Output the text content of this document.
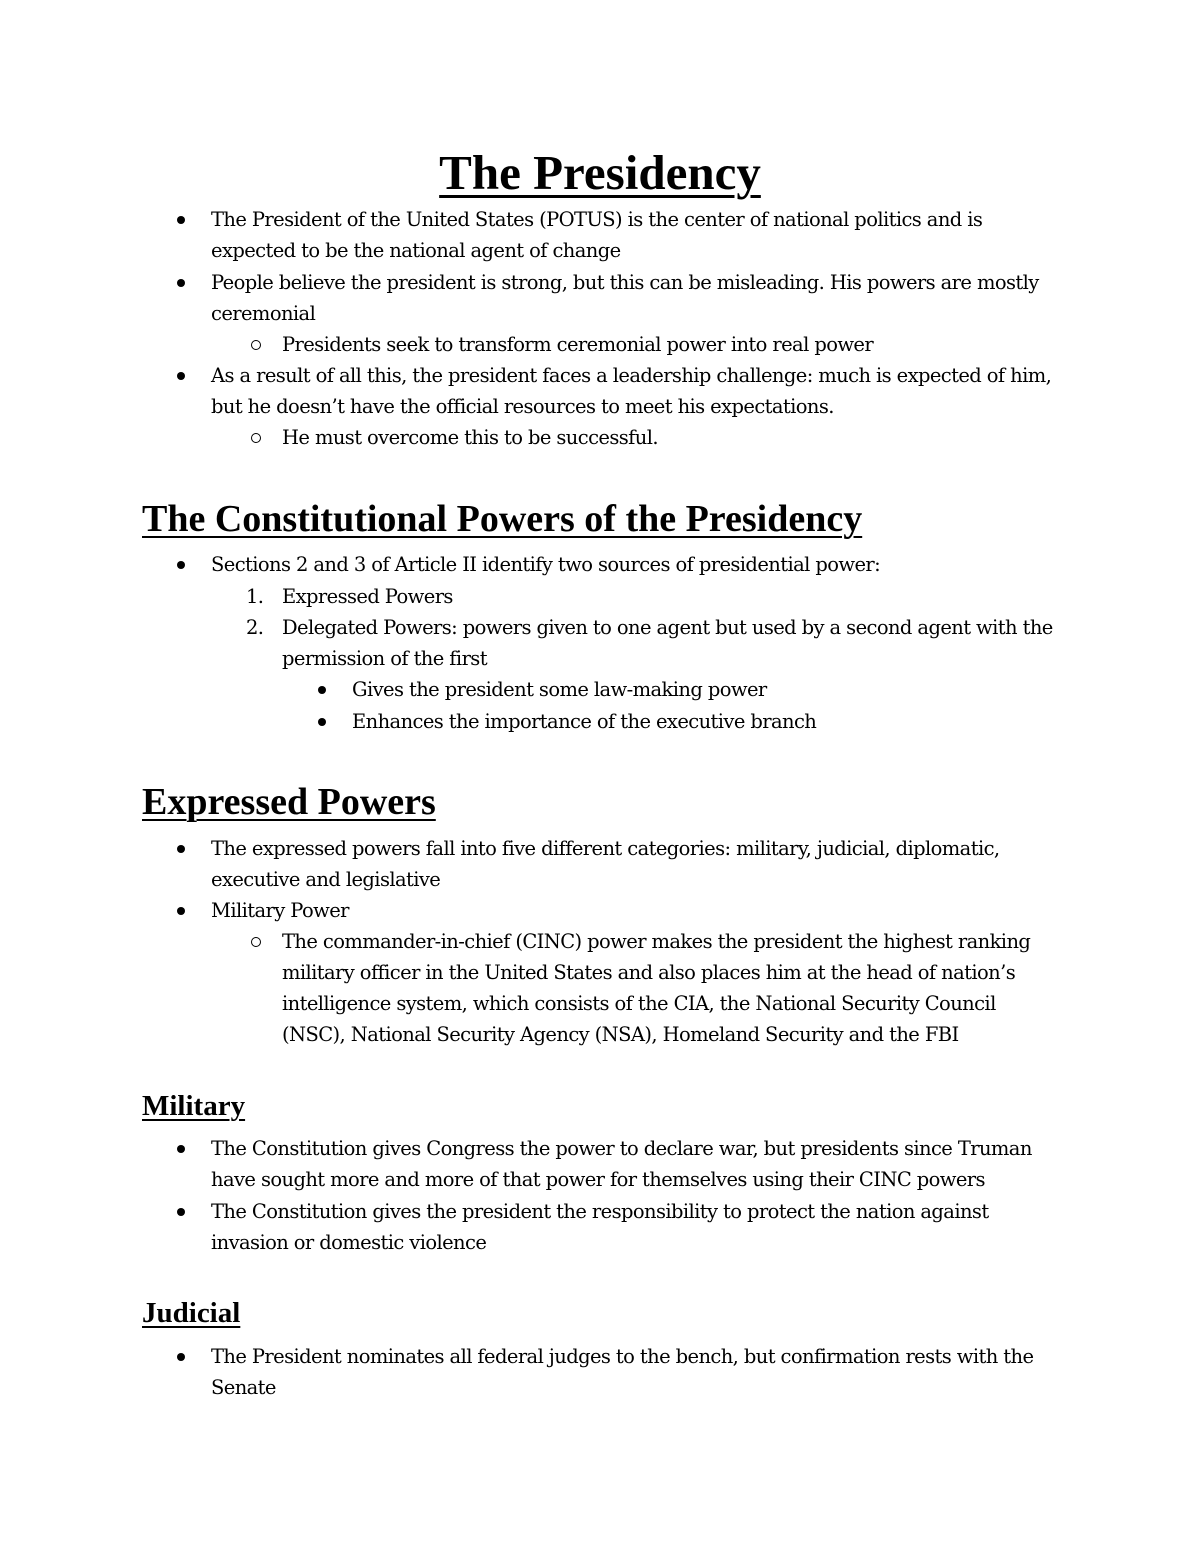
The Presidency

The President of the United States (POTUS) is the center of national politics and is expected to be the national agent of change

People believe the president is strong, but this can be misleading. His powers are mostly ceremonial

Presidents seek to transform ceremonial power into real power

As a result of all this, the president faces a leadership challenge: much is expected of him, but he doesn’t have the official resources to meet his expectations.

He must overcome this to be successful.

The Constitutional Powers of the Presidency

Sections 2 and 3 of Article II identify two sources of presidential power:

1. Expressed Powers

2. Delegated Powers: powers given to one agent but used by a second agent with the permission of the first

Gives the president some law-making power

Enhances the importance of the executive branch

Expressed Powers

The expressed powers fall into five different categories: military, judicial, diplomatic, executive and legislative

Military Power

The commander-in-chief (CINC) power makes the president the highest ranking military officer in the United States and also places him at the head of nation’s intelligence system, which consists of the CIA, the National Security Council (NSC), National Security Agency (NSA), Homeland Security and the FBI

Military

The Constitution gives Congress the power to declare war, but presidents since Truman have sought more and more of that power for themselves using their CINC powers

The Constitution gives the president the responsibility to protect the nation against invasion or domestic violence

Judicial

The President nominates all federal judges to the bench, but confirmation rests with the Senate
